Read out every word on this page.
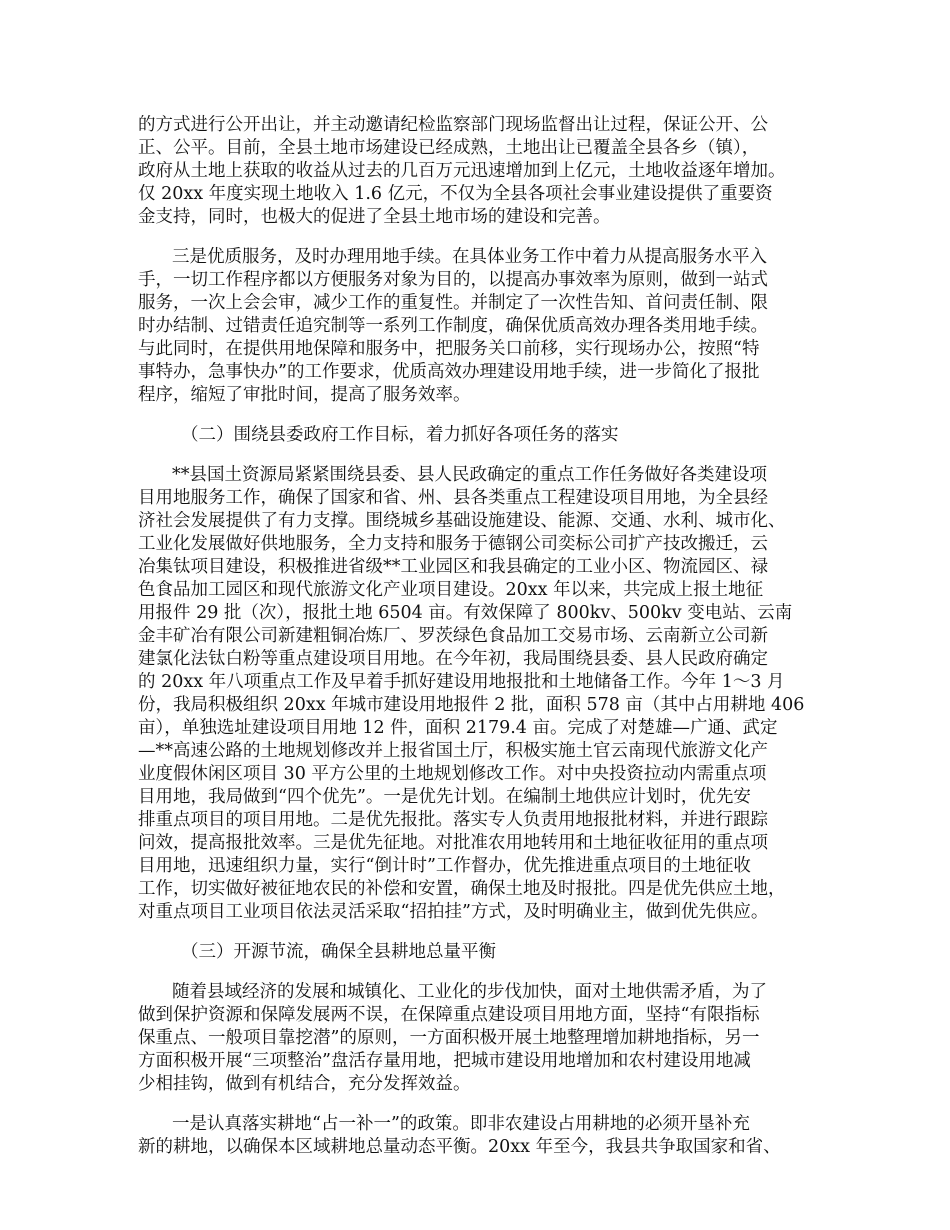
的方式进行公开出让，并主动邀请纪检监察部门现场监督出让过程，保证公开、公
正、公平。目前，全县土地市场建设已经成熟，土地出让已覆盖全县各乡（镇），
政府从土地上获取的收益从过去的几百万元迅速增加到上亿元，土地收益逐年增加。
仅 20xx 年度实现土地收入 1.6 亿元，不仅为全县各项社会事业建设提供了重要资
金支持，同时，也极大的促进了全县土地市场的建设和完善。
三是优质服务，及时办理用地手续。在具体业务工作中着力从提高服务水平入
手，一切工作程序都以方便服务对象为目的，以提高办事效率为原则，做到一站式
服务，一次上会会审，减少工作的重复性。并制定了一次性告知、首问责任制、限
时办结制、过错责任追究制等一系列工作制度，确保优质高效办理各类用地手续。
与此同时，在提供用地保障和服务中，把服务关口前移，实行现场办公，按照“特
事特办，急事快办”的工作要求，优质高效办理建设用地手续，进一步简化了报批
程序，缩短了审批时间，提高了服务效率。
（二）围绕县委政府工作目标，着力抓好各项任务的落实
**县国土资源局紧紧围绕县委、县人民政确定的重点工作任务做好各类建设项
目用地服务工作，确保了国家和省、州、县各类重点工程建设项目用地，为全县经
济社会发展提供了有力支撑。围绕城乡基础设施建设、能源、交通、水利、城市化、
工业化发展做好供地服务，全力支持和服务于德钢公司奕标公司扩产技改搬迁，云
冶集钛项目建设，积极推进省级**工业园区和我县确定的工业小区、物流园区、禄
色食品加工园区和现代旅游文化产业项目建设。20xx 年以来，共完成上报土地征
用报件 29 批（次），报批土地 6504 亩。有效保障了 800kv、500kv 变电站、云南
金丰矿冶有限公司新建粗铜冶炼厂、罗茨绿色食品加工交易市场、云南新立公司新
建氯化法钛白粉等重点建设项目用地。在今年初，我局围绕县委、县人民政府确定
的 20xx 年八项重点工作及早着手抓好建设用地报批和土地储备工作。今年 1～3 月
份，我局积极组织 20xx 年城市建设用地报件 2 批，面积 578 亩（其中占用耕地 406
亩），单独选址建设项目用地 12 件，面积 2179.4 亩。完成了对楚雄—广通、武定
—**高速公路的土地规划修改并上报省国土厅，积极实施土官云南现代旅游文化产
业度假休闲区项目 30 平方公里的土地规划修改工作。对中央投资拉动内需重点项
目用地，我局做到“四个优先”。一是优先计划。在编制土地供应计划时，优先安
排重点项目的项目用地。二是优先报批。落实专人负责用地报批材料，并进行跟踪
问效，提高报批效率。三是优先征地。对批准农用地转用和土地征收征用的重点项
目用地，迅速组织力量，实行“倒计时”工作督办，优先推进重点项目的土地征收
工作，切实做好被征地农民的补偿和安置，确保土地及时报批。四是优先供应土地，
对重点项目工业项目依法灵活采取“招拍挂”方式，及时明确业主，做到优先供应。
（三）开源节流，确保全县耕地总量平衡
随着县域经济的发展和城镇化、工业化的步伐加快，面对土地供需矛盾，为了
做到保护资源和保障发展两不误，在保障重点建设项目用地方面，坚持“有限指标
保重点、一般项目靠挖潜”的原则，一方面积极开展土地整理增加耕地指标，另一
方面积极开展“三项整治”盘活存量用地，把城市建设用地增加和农村建设用地减
少相挂钩，做到有机结合，充分发挥效益。
一是认真落实耕地“占一补一”的政策。即非农建设占用耕地的必须开垦补充
新的耕地，以确保本区域耕地总量动态平衡。20xx 年至今，我县共争取国家和省、
